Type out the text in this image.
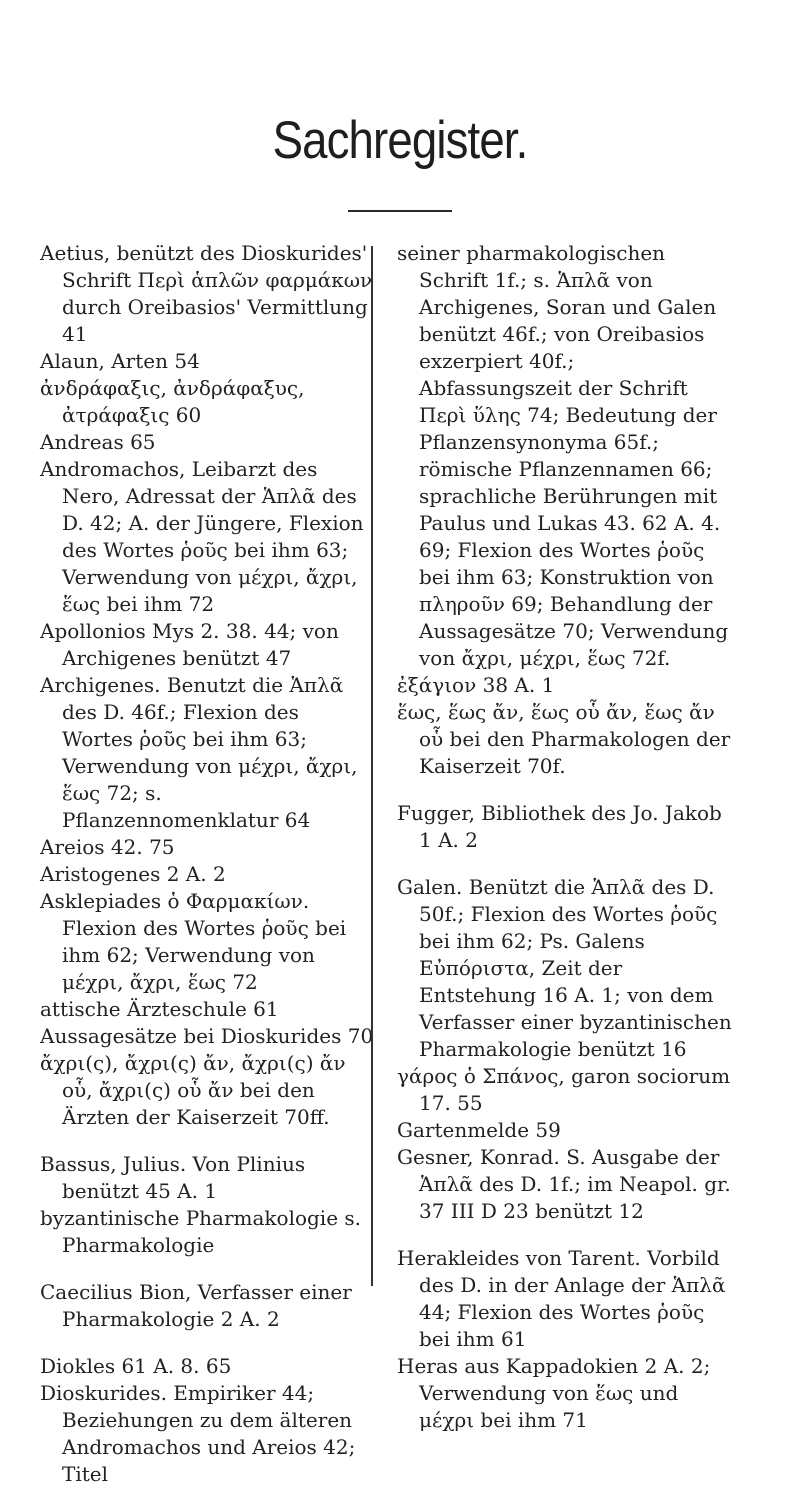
Sachregister.

Aetius, benützt des Dioskurides' Schrift Περὶ ἁπλῶν φαρμάκων durch Oreibasios' Vermittlung 41

Alaun, Arten 54

ἀνδράφαξις, ἀνδράφαξυς, ἀτράφαξις 60

Andreas 65

Andromachos, Leibarzt des Nero, Adressat der Ἁπλᾶ des D. 42; A. der Jüngere, Flexion des Wortes ῥοῦς bei ihm 63; Verwendung von μέχρι, ἄχρι, ἕως bei ihm 72

Apollonios Mys 2. 38. 44; von Archigenes benützt 47

Archigenes. Benutzt die Ἁπλᾶ des D. 46f.; Flexion des Wortes ῥοῦς bei ihm 63; Verwendung von μέχρι, ἄχρι, ἕως 72; s. Pflanzennomenklatur 64

Areios 42. 75

Aristogenes 2 A. 2

Asklepiades ὁ Φαρμακίων. Flexion des Wortes ῥοῦς bei ihm 62; Verwendung von μέχρι, ἄχρι, ἕως 72

attische Ärzteschule 61

Aussagesätze bei Dioskurides 70

ἄχρι(ς), ἄχρι(ς) ἄν, ἄχρι(ς) ἄν οὗ, ἄχρι(ς) οὗ ἄν bei den Ärzten der Kaiserzeit 70ff.

Bassus, Julius. Von Plinius benützt 45 A. 1

byzantinische Pharmakologie s. Pharmakologie

Caecilius Bion, Verfasser einer Pharmakologie 2 A. 2

Diokles 61 A. 8. 65

Dioskurides. Empiriker 44; Beziehungen zu dem älteren Andromachos und Areios 42; Titel

seiner pharmakologischen Schrift 1f.; s. Ἁπλᾶ von Archigenes, Soran und Galen benützt 46f.; von Oreibasios exzerpiert 40f.; Abfassungszeit der Schrift Περὶ ὕλης 74; Bedeutung der Pflanzensynonyma 65f.; römische Pflanzennamen 66; sprachliche Berührungen mit Paulus und Lukas 43. 62 A. 4. 69; Flexion des Wortes ῥοῦς bei ihm 63; Konstruktion von πληροῦν 69; Behandlung der Aussagesätze 70; Verwendung von ἄχρι, μέχρι, ἕως 72f.

ἐξάγιον 38 A. 1

ἕως, ἕως ἄν, ἕως οὗ ἄν, ἕως ἄν οὗ bei den Pharmakologen der Kaiserzeit 70f.

Fugger, Bibliothek des Jo. Jakob 1 A. 2

Galen. Benützt die Ἁπλᾶ des D. 50f.; Flexion des Wortes ῥοῦς bei ihm 62; Ps. Galens Εὐπόριστα, Zeit der Entstehung 16 A. 1; von dem Verfasser einer byzantinischen Pharmakologie benützt 16

γάρος ὁ Σπάνος, garon sociorum 17. 55

Gartenmelde 59

Gesner, Konrad. S. Ausgabe der Ἁπλᾶ des D. 1f.; im Neapol. gr. 37 III D 23 benützt 12

Herakleides von Tarent. Vorbild des D. in der Anlage der Ἁπλᾶ 44; Flexion des Wortes ῥοῦς bei ihm 61

Heras aus Kappadokien 2 A. 2; Verwendung von ἕως und μέχρι bei ihm 71
